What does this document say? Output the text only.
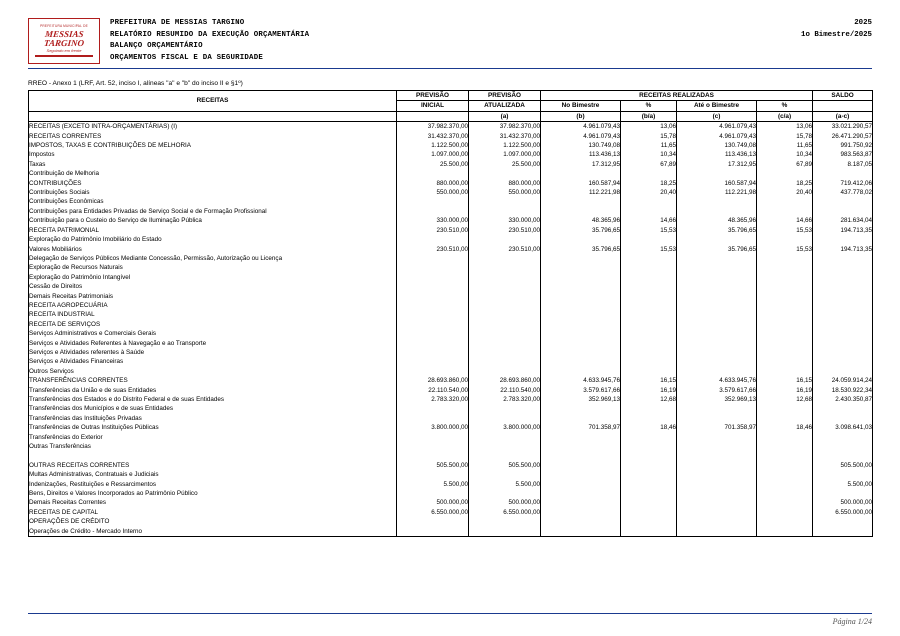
PREFEITURA MUNICIPAL DE
MESSIAS
TARGINO
Seguindo em frente
PREFEITURA DE MESSIAS TARGINO
RELATÓRIO RESUMIDO DA EXECUÇÃO ORÇAMENTÁRIA
BALANÇO ORÇAMENTÁRIO
ORÇAMENTOS FISCAL E DA SEGURIDADE
2025
1o Bimestre/2025
RREO - Anexo 1 (LRF, Art. 52, inciso I, alíneas "a" e "b" do inciso II e §1º)
RECEITAS	PREVISÃO	PREVISÃO	RECEITAS REALIZADAS				SALDO
	INICIAL	ATUALIZADA	No Bimestre	%	Até o Bimestre	%	
		(a)	(b)	(b/a)	(c)	(c/a)	(a-c)
RECEITAS (EXCETO INTRA-ORÇAMENTÁRIAS) (I)	37.982.370,00	37.982.370,00	4.961.079,43	13,06	4.961.079,43	13,06	33.021.290,57
RECEITAS CORRENTES	31.432.370,00	31.432.370,00	4.961.079,43	15,78	4.961.079,43	15,78	26.471.290,57
IMPOSTOS, TAXAS E CONTRIBUIÇÕES DE MELHORIA	1.122.500,00	1.122.500,00	130.749,08	11,65	130.749,08	11,65	991.750,92
Impostos	1.097.000,00	1.097.000,00	113.436,13	10,34	113.436,13	10,34	983.563,87
Taxas	25.500,00	25.500,00	17.312,95	67,89	17.312,95	67,89	8.187,05
Contribuição de Melhoria							
CONTRIBUIÇÕES	880.000,00	880.000,00	160.587,94	18,25	160.587,94	18,25	719.412,06
Contribuições Sociais	550.000,00	550.000,00	112.221,98	20,40	112.221,98	20,40	437.778,02
Contribuições Econômicas							
Contribuições para Entidades Privadas de Serviço Social e de Formação Profissional							
Contribuição para o Custeio do Serviço de Iluminação Pública	330.000,00	330.000,00	48.365,96	14,66	48.365,96	14,66	281.634,04
RECEITA PATRIMONIAL	230.510,00	230.510,00	35.796,65	15,53	35.796,65	15,53	194.713,35
Exploração do Patrimônio Imobiliário do Estado							
Valores Mobiliários	230.510,00	230.510,00	35.796,65	15,53	35.796,65	15,53	194.713,35
Delegação de Serviços Públicos Mediante Concessão, Permissão, Autorização ou Licença							
Exploração de Recursos Naturais							
Exploração do Patrimônio Intangível							
Cessão de Direitos							
Demais Receitas Patrimoniais							
RECEITA AGROPECUÁRIA							
RECEITA INDUSTRIAL							
RECEITA DE SERVIÇOS							
Serviços Administrativos e Comerciais Gerais							
Serviços e Atividades Referentes à Navegação e ao Transporte							
Serviços e Atividades referentes à Saúde							
Serviços e Atividades Financeiras							
Outros Serviços							
TRANSFERÊNCIAS CORRENTES	28.693.860,00	28.693.860,00	4.633.945,76	16,15	4.633.945,76	16,15	24.059.914,24
Transferências da União e de suas Entidades	22.110.540,00	22.110.540,00	3.579.617,66	16,19	3.579.617,66	16,19	18.530.922,34
Transferências dos Estados e do Distrito Federal e de suas Entidades	2.783.320,00	2.783.320,00	352.969,13	12,68	352.969,13	12,68	2.430.350,87
Transferências dos Municípios e de suas Entidades							
Transferências das Instituições Privadas							
Transferências de Outras Instituições Públicas	3.800.000,00	3.800.000,00	701.358,97	18,46	701.358,97	18,46	3.098.641,03
Transferências do Exterior							
Outras Transferências							

OUTRAS RECEITAS CORRENTES	505.500,00	505.500,00					505.500,00
Multas Administrativas, Contratuais e Judiciais							
Indenizações, Restituições e Ressarcimentos	5.500,00	5.500,00					5.500,00
Bens, Direitos e Valores Incorporados ao Patrimônio Público							
Demais Receitas Correntes	500.000,00	500.000,00					500.000,00
RECEITAS DE CAPITAL	6.550.000,00	6.550.000,00					6.550.000,00
OPERAÇÕES DE CRÉDITO							
Operações de Crédito - Mercado Interno							
Página 1/24
